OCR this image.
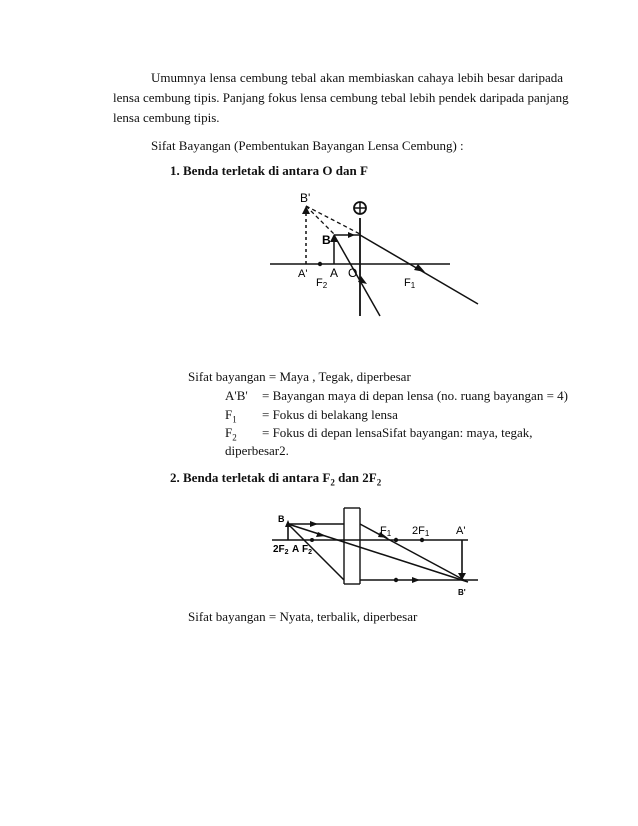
Umumnya lensa cembung tebal akan membiaskan cahaya lebih besar daripada
lensa cembung tipis. Panjang fokus lensa cembung tebal lebih pendek daripada panjang
lensa cembung tipis.
Sifat Bayangan (Pembentukan Bayangan Lensa Cembung) :
1. Benda terletak di antara O dan F
B'
B
A' A O
F2	F1
Sifat bayangan = Maya , Tegak, diperbesar
A'B' = Bayangan maya di depan lensa (no. ruang bayangan = 4)
$F_1$ = Fokus di belakang lensa
$F_2$ = Fokus di depan lensaSifat bayangan: maya, tegak,
diperbesar2.
2. Benda terletak di antara $F_2$ dan $2F_2$
B
F1 2F1 A'
$2F_2$ A $F_2$
B'
Sifat bayangan = Nyata, terbalik, diperbesar
